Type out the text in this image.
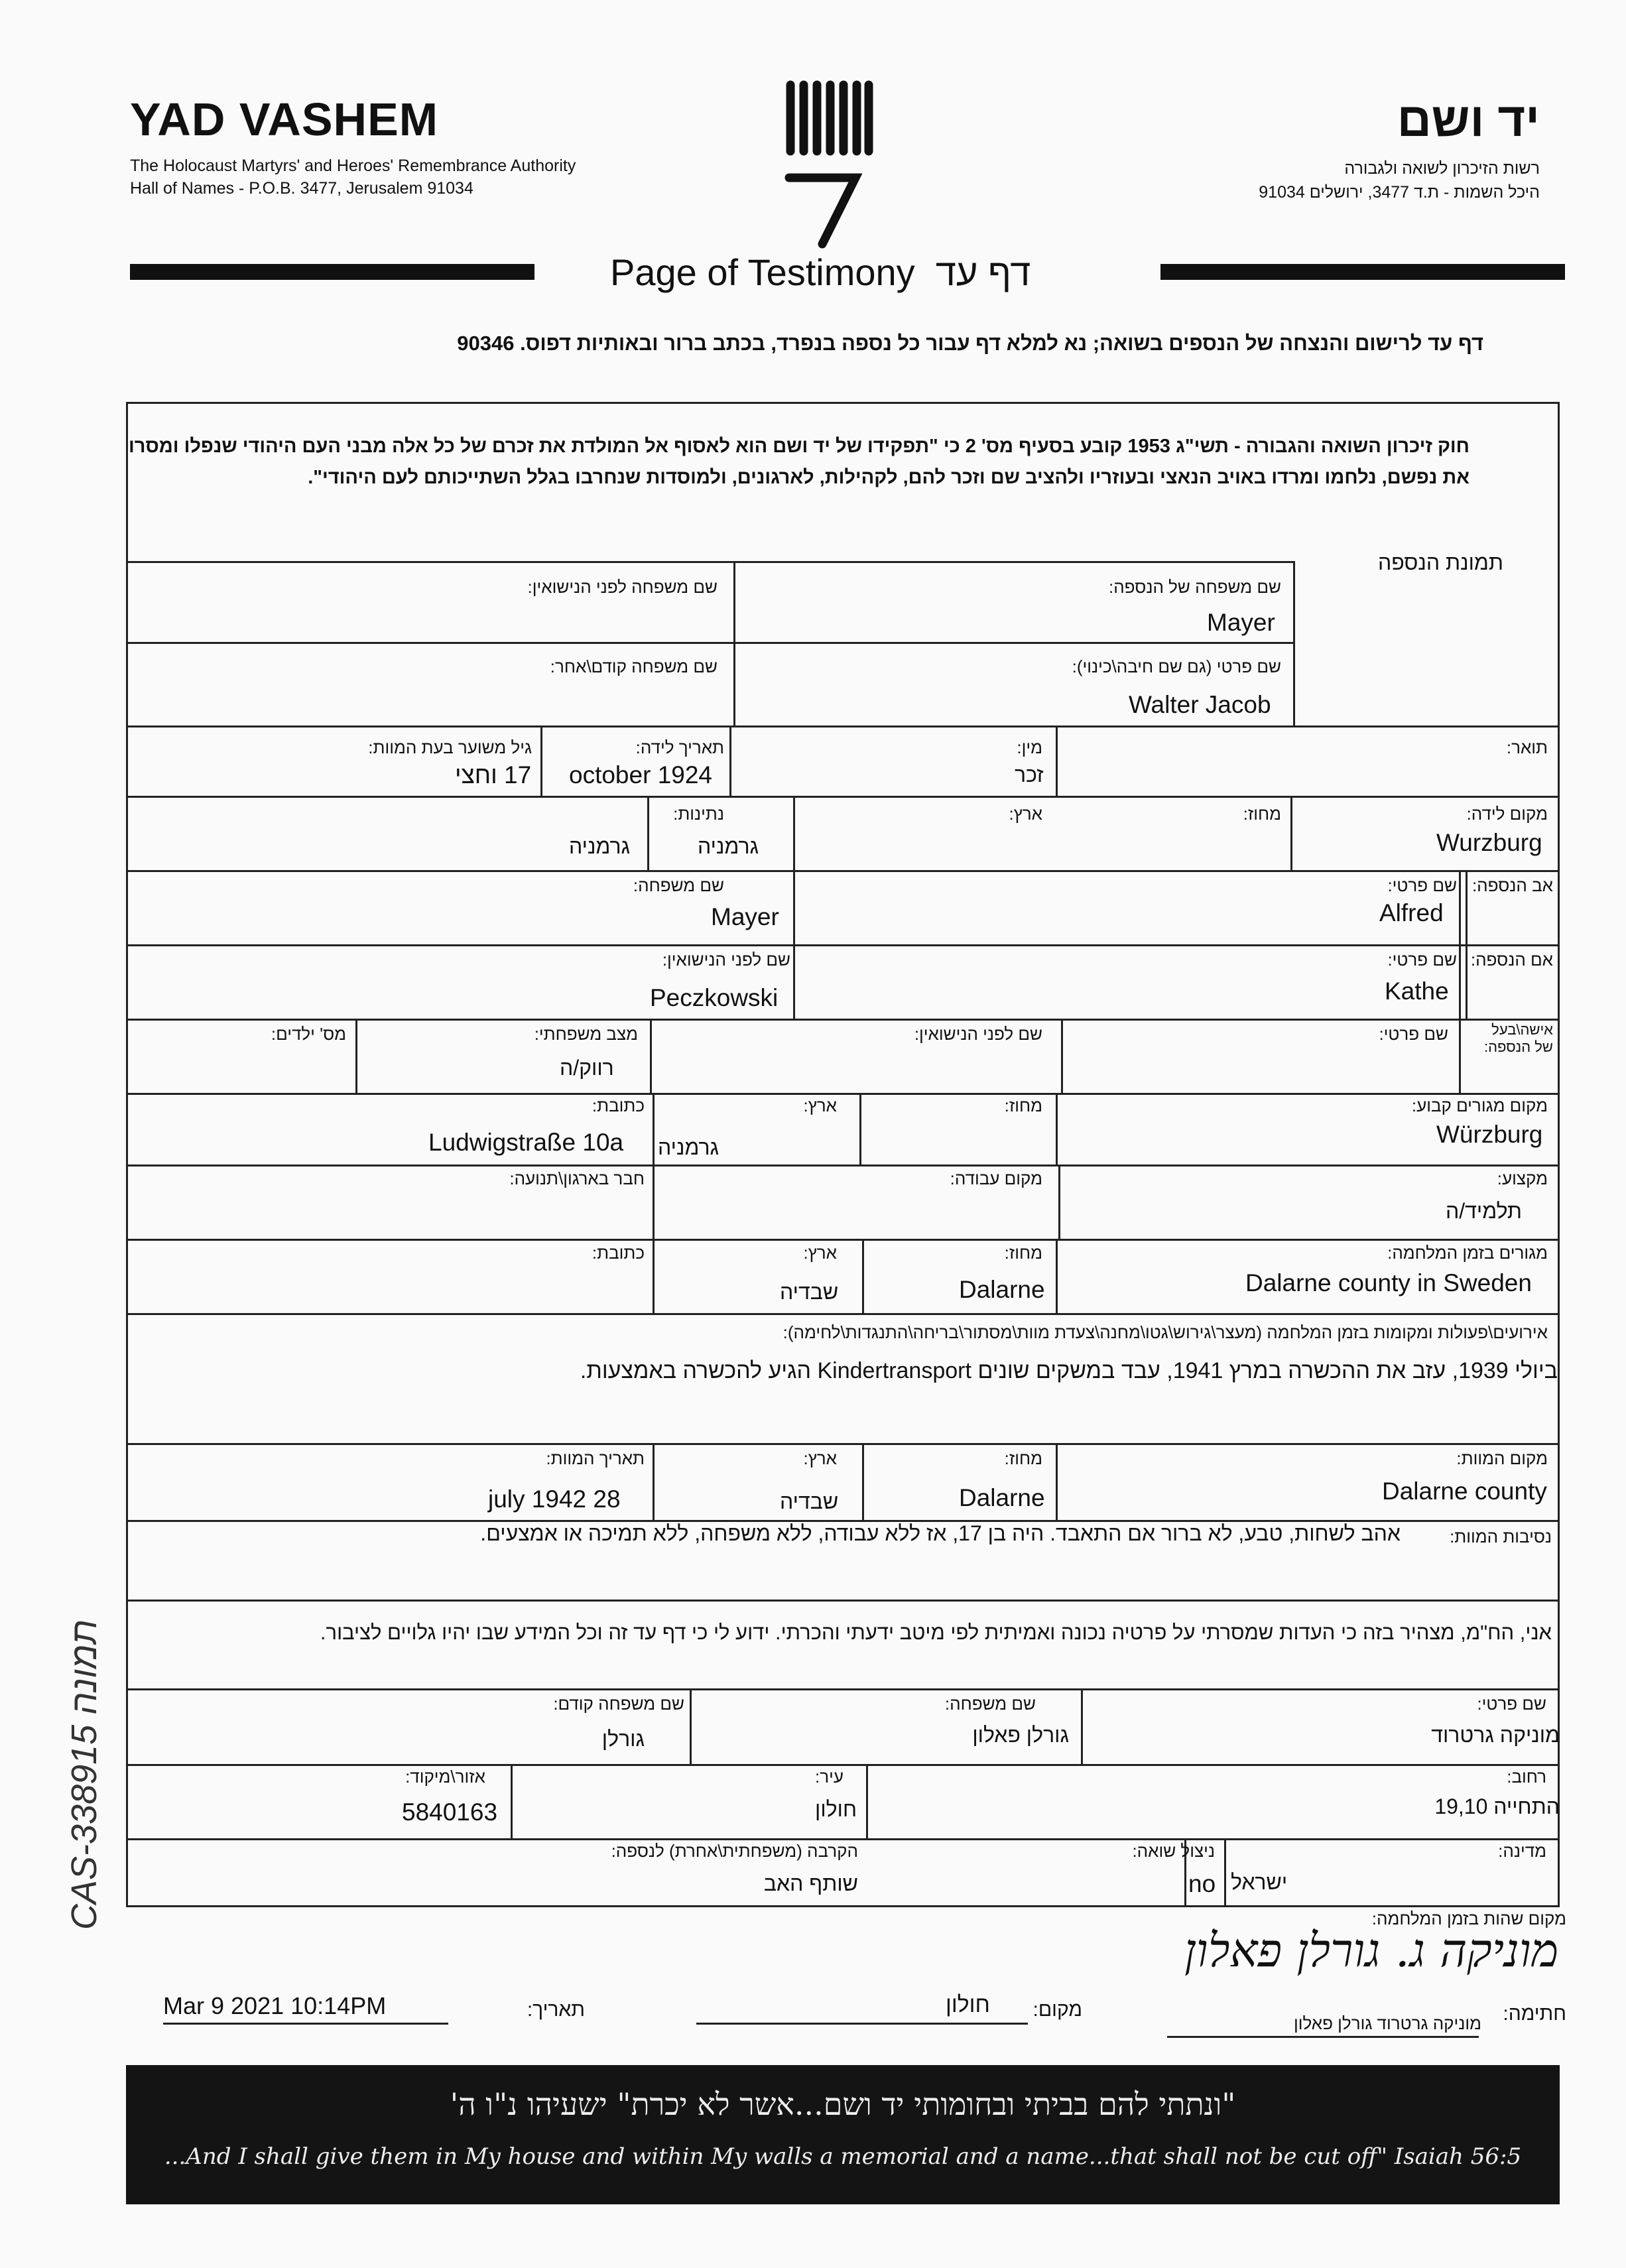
YAD VASHEM
The Holocaust Martyrs' and Heroes' Remembrance Authority
Hall of Names - P.O.B. 3477, Jerusalem 91034
יד ושם
רשות הזיכרון לשואה ולגבורה
היכל השמות - ת.ד 3477, ירושלים 91034
Page of Testimony דף עד
דף עד לרישום והנצחה של הנספים בשואה; נא למלא דף עבור כל נספה בנפרד, בכתב ברור ובאותיות דפוס. 90346
חוק זיכרון השואה והגבורה - תשי"ג 1953 קובע בסעיף מס' 2 כי "תפקידו של יד ושם הוא לאסוף אל המולדת את זכרם של כל אלה מבני העם היהודי שנפלו ומסרו את נפשם, נלחמו ומרדו באויב הנאצי ובעוזריו ולהציב שם וזכר להם, לקהילות, לארגונים, ולמוסדות שנחרבו בגלל השתייכותם לעם היהודי".
תמונת הנספה
שם משפחה של הנספה:
Mayer
שם משפחה לפני הנישואין:
שם פרטי (גם שם חיבה\כינוי):
Walter Jacob
שם משפחה קודם\אחר:
תואר:
מין:
זכר
תאריך לידה:
october 1924
גיל משוער בעת המוות:
17 וחצי
מקום לידה:
Wurzburg
מחוז:
ארץ:
גרמניה
נתינות:
גרמניה
אב הנספה:
שם פרטי:
Alfred
שם משפחה:
Mayer
אם הנספה:
שם פרטי:
Kathe
שם לפני הנישואין:
Peczkowski
אישה\בעל
של הנספה:
שם פרטי:
שם לפני הנישואין:
מצב משפחתי:
רווק/ה
מס' ילדים:
מקום מגורים קבוע:
Würzburg
מחוז:
ארץ:
גרמניה
כתובת:
Ludwigstraße 10a
מקצוע:
תלמיד/ה
מקום עבודה:
חבר בארגון\תנועה:
מגורים בזמן המלחמה:
Dalarne county in Sweden
מחוז:
Dalarne
ארץ:
שבדיה
כתובת:
אירועים\פעולות ומקומות בזמן המלחמה (מעצר\גירוש\גטו\מחנה\צעדת מוות\מסתור\בריחה\התנגדות\לחימה):
ביולי 1939, עזב את ההכשרה במרץ 1941, עבד במשקים שונים Kindertransport הגיע להכשרה באמצעות.
מקום המוות:
Dalarne county
מחוז:
Dalarne
ארץ:
שבדיה
תאריך המוות:
july 1942 28
נסיבות המוות:
אהב לשחות, טבע, לא ברור אם התאבד. היה בן 17, אז ללא עבודה, ללא משפחה, ללא תמיכה או אמצעים.
אני, הח"מ, מצהיר בזה כי העדות שמסרתי על פרטיה נכונה ואמיתית לפי מיטב ידעתי והכרתי. ידוע לי כי דף עד זה וכל המידע שבו יהיו גלויים לציבור.
שם פרטי:
מוניקה גרטרוד
שם משפחה:
גורלן פאלון
שם משפחה קודם:
גורלן
רחוב:
התחייה 19,10
עיר:
חולון
אזור\מיקוד:
5840163
מדינה:
ישראל
ניצול שואה:
no
הקרבה (משפחתית\אחרת) לנספה:
שותף האב
מקום שהות בזמן המלחמה:
חתימה:
מוניקה ג. גורלן פאלון
מוניקה גרטרוד גורלן פאלון
מקום:
חולון
תאריך:
Mar 9 2021 10:14PM
CAS-338915 תמונה
"ונתתי להם בביתי ובחומותי יד ושם...אשר לא יכרת" ישעיהו נ"ו ה'
...And I shall give them in My house and within My walls a memorial and a name...that shall not be cut off" Isaiah 56:5
